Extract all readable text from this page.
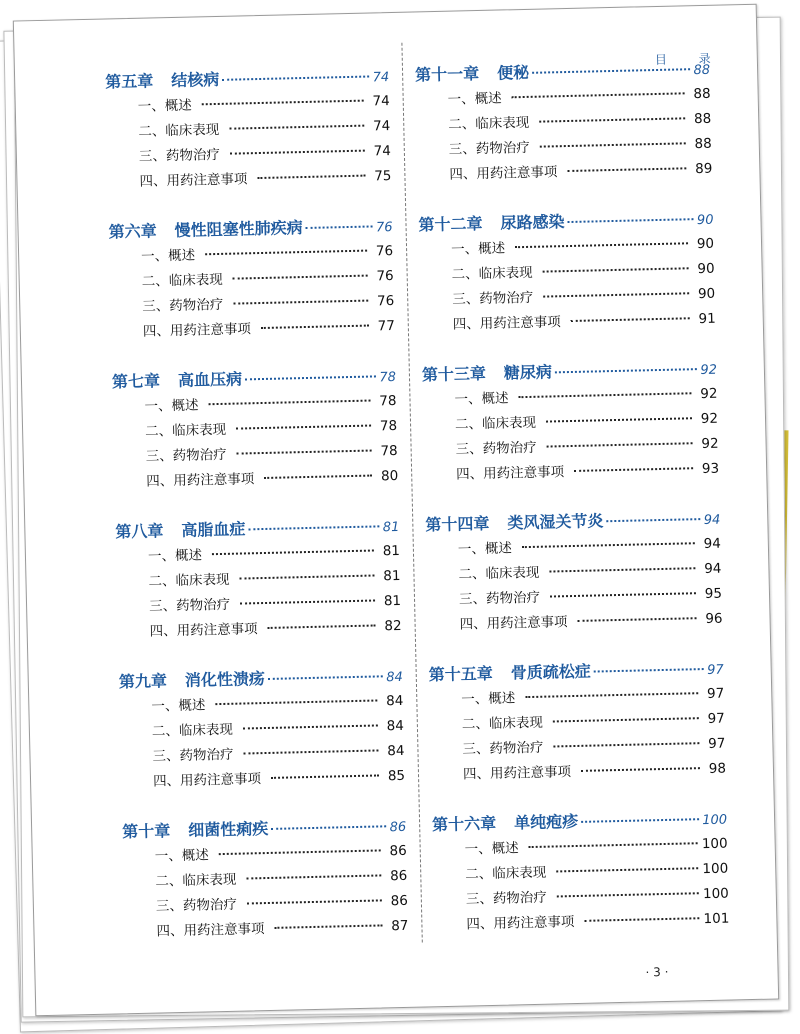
目 录
第五章 结核病	74
一、概述	74
二、临床表现	74
三、药物治疗	74
四、用药注意事项	75
第六章 慢性阻塞性肺疾病	76
一、概述	76
二、临床表现	76
三、药物治疗	76
四、用药注意事项	77
第七章 高血压病	78
一、概述	78
二、临床表现	78
三、药物治疗	78
四、用药注意事项	80
第八章 高脂血症	81
一、概述	81
二、临床表现	81
三、药物治疗	81
四、用药注意事项	82
第九章 消化性溃疡	84
一、概述	84
二、临床表现	84
三、药物治疗	84
四、用药注意事项	85
第十章 细菌性痢疾	86
一、概述	86
二、临床表现	86
三、药物治疗	86
四、用药注意事项	87
第十一章 便秘	88
一、概述	88
二、临床表现	88
三、药物治疗	88
四、用药注意事项	89
第十二章 尿路感染	90
一、概述	90
二、临床表现	90
三、药物治疗	90
四、用药注意事项	91
第十三章 糖尿病	92
一、概述	92
二、临床表现	92
三、药物治疗	92
四、用药注意事项	93
第十四章 类风湿关节炎	94
一、概述	94
二、临床表现	94
三、药物治疗	95
四、用药注意事项	96
第十五章 骨质疏松症	97
一、概述	97
二、临床表现	97
三、药物治疗	97
四、用药注意事项	98
第十六章 单纯疱疹	100
一、概述	100
二、临床表现	100
三、药物治疗	100
四、用药注意事项	101
· 3 ·
